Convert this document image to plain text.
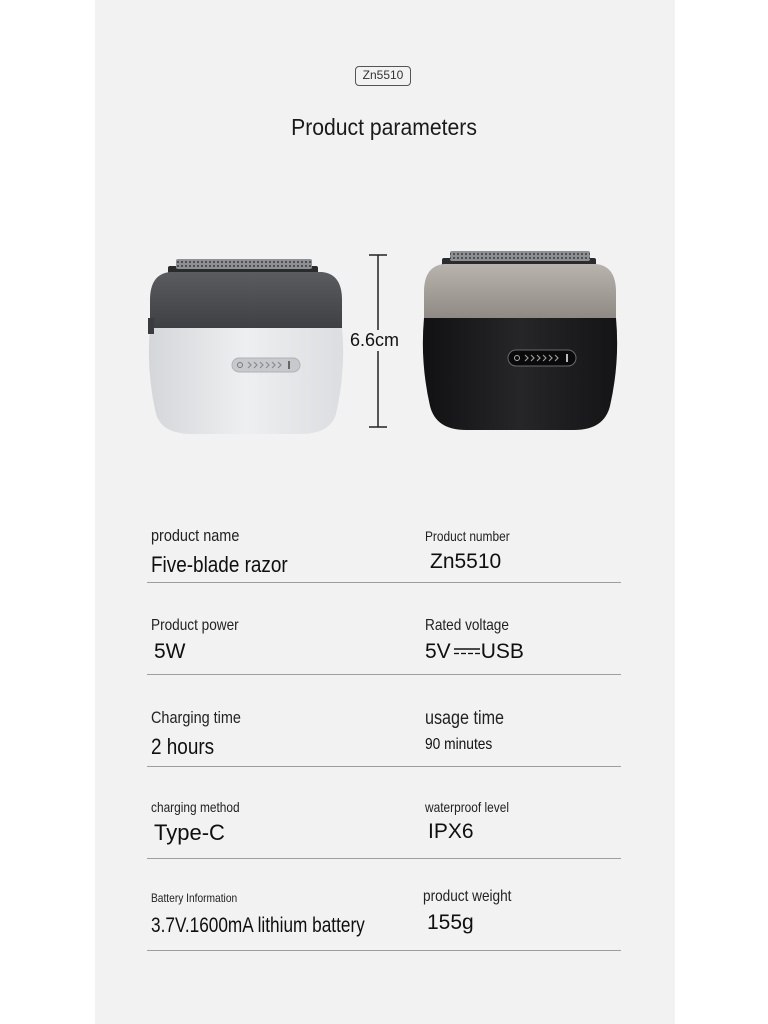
Zn5510
Product parameters
6.6cm
product name
Five-blade razor
Product number
Zn5510
Product power
5W
Rated voltage
5V USB
Charging time
2 hours
usage time
90 minutes
charging method
Type-C
waterproof level
IPX6
Battery Information
3.7V.1600mA lithium battery
product weight
155g
